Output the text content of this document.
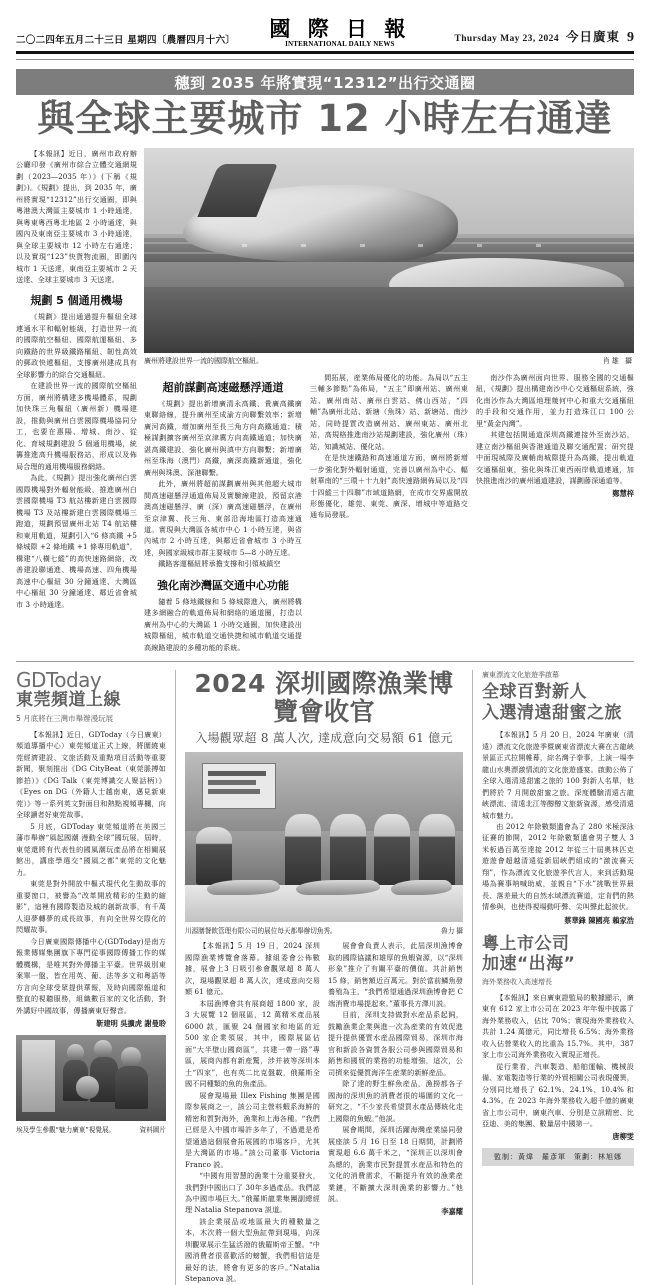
二〇二四年五月二十三日 星期四〔農曆四月十六〕 國 際 日 報
INTERNATIONAL DAILY NEWS	Thursday May 23, 2024 今日廣東 9
穗到 2035 年將實現“12312”出行交通圈
與全球主要城市 12 小時左右通達

【本報訊】近日，廣州市政府辦公廳印發《廣州市綜合立體交通網規劃（2023—2035 年）》(下稱《規劃》)。《規劃》提出，到 2035 年，廣州將實現“12312”出行交通圈，即與粵港澳大灣區主要城市 1 小時通達，與粵東粵西粵北地區 2 小時通達，與國內及東南亞主要城市 3 小時通達，與全球主要城市 12 小時左右通達；以及實現“123”快貨物流圈，即圍內城市 1 天送達，東南亞主要城市 2 天送達、全球主要城市 3 天送達。

規劃 5 個通用機場

《規劃》提出通過提升樞紐全球連通水平和輻射能級，打造世界一流的國際航空樞紐、國際航運樞紐、多向鐵路的世界級鐵路樞紐、韌性高效的郵政快遞樞紐，支撐廣州建成具有全球影響力的綜合交通樞紐。

在建設世界一流的國際航空樞紐方面，廣州將構建多機場體系，規劃加快珠三角樞紐（廣州新）機場建設，推動與廣州白雲國際機場協同分工，也要在惠陽、增城、南沙、從化、育城規劃建設 5 個通用機場，統籌推進高升機場服務站，形成以及佈局合理的通用機場服務網絡。

為此，《規劃》提出強化廣州白雲國際機場對外輻射能級，推進廣州白雲國際機場 T3 航站樓新建白雲國際機場 T3 及站樓新建白雲國際機場三跑道，規劃預留廣州北站 T4 航站樓和東用軌道，規劃引入“6 條高鐵 +5 條城際 +2 條地鐵 +1 條專用軌道”，構建“八橫七縱”的高快速路網絡，改善建設聯通進、機場高速、四角機場高速中心樞紐 30 分鐘通達、大灣區中心樞紐 30 分鐘通達、鄰近省會城市 3 小時通達。

廣州將建設世界一流的國際航空樞紐。	肖雄 攝
超前謀劃高速磁懸浮通道

《規劃》提出新增廣清永高鐵、貴廣高鐵廣東聯絡線，提升廣州至成渝方向聯繫效率；新增廣河高鐵，增加廣州至長三角方向高鐵通道；積極謀劃擴容廣州至京津冀方向高鐵通道；加快廣湛高鐵建設，強化廣州與滇中方向聯繫；新增廣州至珠海（澳門）高鐵，廣深高鐵新通道，強化廣州與珠澳、深港聯繫。

此外，廣州將超前謀劃廣州與其他超大城市間高速磁懸浮通道佈局及實驗線建設，預留京港澳高速磁懸浮、廣（深）廣高速磁懸浮，在廣州至京津冀、長三角、東部沿海地區打造高速通道。實現與大灣區各城市中心 1 小時互達，與省內城市 2 小時互達，與鄰近省會城市 3 小時互達，與國家級城市群主要城市 5—8 小時互達。

鐵路客運樞紐將承擔支撐和引領城鎮空

強化南沙灣區交通中心功能

隨着 5 條地鐵線和 5 條城際進入，廣州將構建多網融合的軌道佈局和網絡的通道圈，打造以廣州為中心的大灣區 1 小時交通圈，加快建設出城際樞紐，城市軌道交通快捷和城市軌道交通提高線路建設的多種功能的系統。

間拓展，産業佈局優化的功能。為局以“五主三輔多節點”為佈局，“五主”即廣州站、廣州東站、廣州南站、廣州白雲站、佛山西站，“四輔”為廣州北站、新塘（魚珠）站、新塘站、南沙站，同時提質改造廣州站、廣州東站、廣州北站，高規格推進南沙站規劃建設，強化廣州（珠）站，知識城站、優化站。

在是快速鐵路和高速通道方面，廣州將新增一步強化對外輻射通道，完善以廣州為中心、輻射華南的“三環＋十九射”高快速路網佈局以及“四十四縱三十四聯”市域道路網，在成市交界處開放形態優化，雄莞、東莞、廣深、增城中等道路交通布局發展。

南沙作為廣州面向世界、服務全國的交通樞紐，《規劃》提出構建南沙中心交通樞紐系統，強化南沙作為大灣區地理幾何中心和重大交通樞紐的手段和交通作用，並力打造珠江口 100 公里“黃金內灣”。

其建包括開通道深圳高鐵連接外至南沙站，建立南沙樞紐與香港通道及聯交通配置；研究提中面現城際及廣輎南城際提升為高鐵，提出軌道交通樞紐東，強化與珠江東西兩岸軌道連通，加快推進南沙的廣州通道建設，謀劃藤深通道等。

鄭慧梓
GDToday
東莞頻道上線
5 月底將在三灣市舉辦漫玩展

【本報訊】近日，GDToday（今日廣東）頻道導播中心）東莞頻道正式上線，將圍繞東莞經濟建設、文旅活動及重點項目活動等重要新聞，聚刻推出《DG CityBeat（東莞脈搏如節拍）》《DG Talk（東莞博識交人聚話柄）》《Eyes on DG（外籍人士越南東，邁見新東莞）》等一系列英文對面目和熱點視頻專欄，向全球讀者好東莞故事。

5 月底，GDToday 東莞頻道將在美國三藩市舉辦“風起國潮 漫動全球”國玩展，屆時，東莞還將有代表性的國風潮玩產品將在相關展館出，講座學選交“國風之都”東莞的文化魅力。

東莞是對外開放中樞式現代化生動故事的重要窗口，被譽為“改革開放精彩的生動的縮影”，這裡有國際製造及城的創新故事，有千萬人迎夢轉夢的成長故事，有向全世界交際化的閃耀故事。

今日廣東國際傳播中心(GDToday)是南方報業傳媒集團旗下專門從事國際傳播工作的媒體機構，是唯其對外傳播主平臺。世界級別東案單一盤、皆在用英、葡、法等多文和粵語等方言向全球受眾提供華報，及時向國際報道和整直的視聽服務，組織數百家的文化活動，對外講好中國故事，傳播廣東好聲音。

靳建明 吳擴虎 謝曼聆
埃及學生參觀“魅力廣東”視覺展。	資料圖片
2024 深圳國際漁業博覽會收官
入場觀眾超 8 萬人次, 達成意向交易額 61 億元
川源膳餐飲管理有限公司的展位每天都舉辦切魚秀。	魯力 攝

【本報訊】5 月 19 日，2024 深圳國際漁業博覽會落幕。據組委會公佈數據，展會上3 日吸引參會觀眾超 8 萬人次，現場觀眾超 8 萬人次，達成意向交易額 61 億元。

本屆漁博會共有展商超 1800 家，設 3 大展覽 12 個展區，12 萬精米產品展 6000 款，匯聚 24 個國家和地區的近 500 家企業領展，其中，國際展區佔面“大半壁山國商區”，共建一帶一路”專區，展商內都有新産驚，涉并被等深圳本土“四家”，也有英二比克盤載，俄羅斯全國不同種類的魚的魚產品。

展會現場最 Illex Fishing 集團是國際参展商之一，該公司主營料蝦系海鮮的精密和質對海外，漁業和上海各種。“我們已經是入中國市場許多年了，不過還是希望通過這個展會拓展國的市場客戶，尤其是大灣區的市場。”該公司董事 Victoria Franco 説。

“中國有用智慧的漁業十分重要發火，我們對中國出口了 30年多過產品。我們認為中國市場巨大。”俄羅斯龍業集團副總經理 Natalia Stepanova 説道。

該企業展品或地區最大的種數量之本，木次將一個大型魚缸帶到現場，向深圳觀眾展示生猛活潑的俄羅斯帝王蟹。“中國消費者很喜歡活的螃蟹，我們相信這是最好的法，將會有更多的客戶。”Natalia Stepanova 説。

展會會負責人表示，此屆深圳漁博會取的國際協議和雄厚的魚蝦資源，以“深圳形象”推介了有關平臺的價值。共計銷售15 條，銷售額近百萬元。對於當前鱗魚發養殖為主，“我們希望通過深圳漁博會把 C 端消費市場提起來。”董事長方澤川説。

目前，深圳支持做對水産品系起飼，鼓勵漁業企業與進一次為産業的有效促進提升提供優質水産品國際貿易，深圳市海官和新設各資質各服公司參與國際貿易和銷售和國貿的業務的功能增強，這次，公司擠來從優質海洋生産業的新鮮産品。

除了達的野生鮮魚産品，漁撈都各子國海的深圳魚的消費者很的場圍的文化一研究之，“不少家長希望買水產品傳統化走上國際的魚蝦。”他説。

展會期間，深圳活躍海灣産業協同發展座談 5 月 16 日至 18 日期間，計劃將實現超 6.6 萬千米之，“深圳正以深圳會為總的，漁業市民對提質水産品和特色的文化的消費需求，不斷提升有效的漁業産業鏈，不斷擴大深圳漁業的影響力。”他説。

李嘉耀
廣東漂流文化旅遊季啟幕
全球百對新人
入選清遠甜蜜之旅

【本報訊】5 月 20 日，2024 年廣東（清遠）漂流文化旅遊季暨廣東省漂流大賽在古龍峽景區正式拉開帷幕，綜名灣子拳事，上演一場李龍山水奧漂激情流的文化旅遊盛宴。啟動公佈了全球入選清遠甜蜜之旅的 100 對新人名單，他們將於 7 月開啟甜蜜之旅。深度體驗清遠古龍峽漂流、清遠北江等醇醇文旅新資源，感受清遠城市魅力。

由 2012 年除數類遺會為了 280 米極深泳征賽的節開，2012 年除數類遺會男子雙人 3 米板過百萬至達接 2012 年從三十屆奧林匹克遊遊會超越清遠從新屆峽們組成的“激流賽天翔”，作為漂流文化旅遊季代言人，來到活動現場為賽事呐喊助威，並親自“下水”挑戰世界最長、落差最大的自然水域漂流賽道，定肯們的熱情參與，也使得視場動吁聲、尖叫聲此起彼伏。

蔡華鋒 陳國亮 賴家浩
粵上市公司
加速“出海”
海外業務收入高速增長

【本報訊】來自廣東證監局的數據顯示，廣東有 612 家上市公司在 2023 年年報中披露了海外業務收入，佔比 70%；實現海外業務收入共計 1.24 萬億元，同比增長 6.5%；海外業務收入佔營業收入的比重為 15.7%。其中，387 家上市公司海外業務收入實現正增長。

從行業看，汽車製造、船舶運輸、機械設備、家電製造等行業的外貿相關公司表現優異，分別同比增長了 62.1%、24.1%、10.4% 和 4.3%。在 2023 年海外業務收入超千億的廣東省上市公司中，廣東汽車、分別是立訊精密、比亞迪、美的集團、數量居中國第一。

唐柳雯
監制：黃煒　羅彥軍　策劃：林旭娜
